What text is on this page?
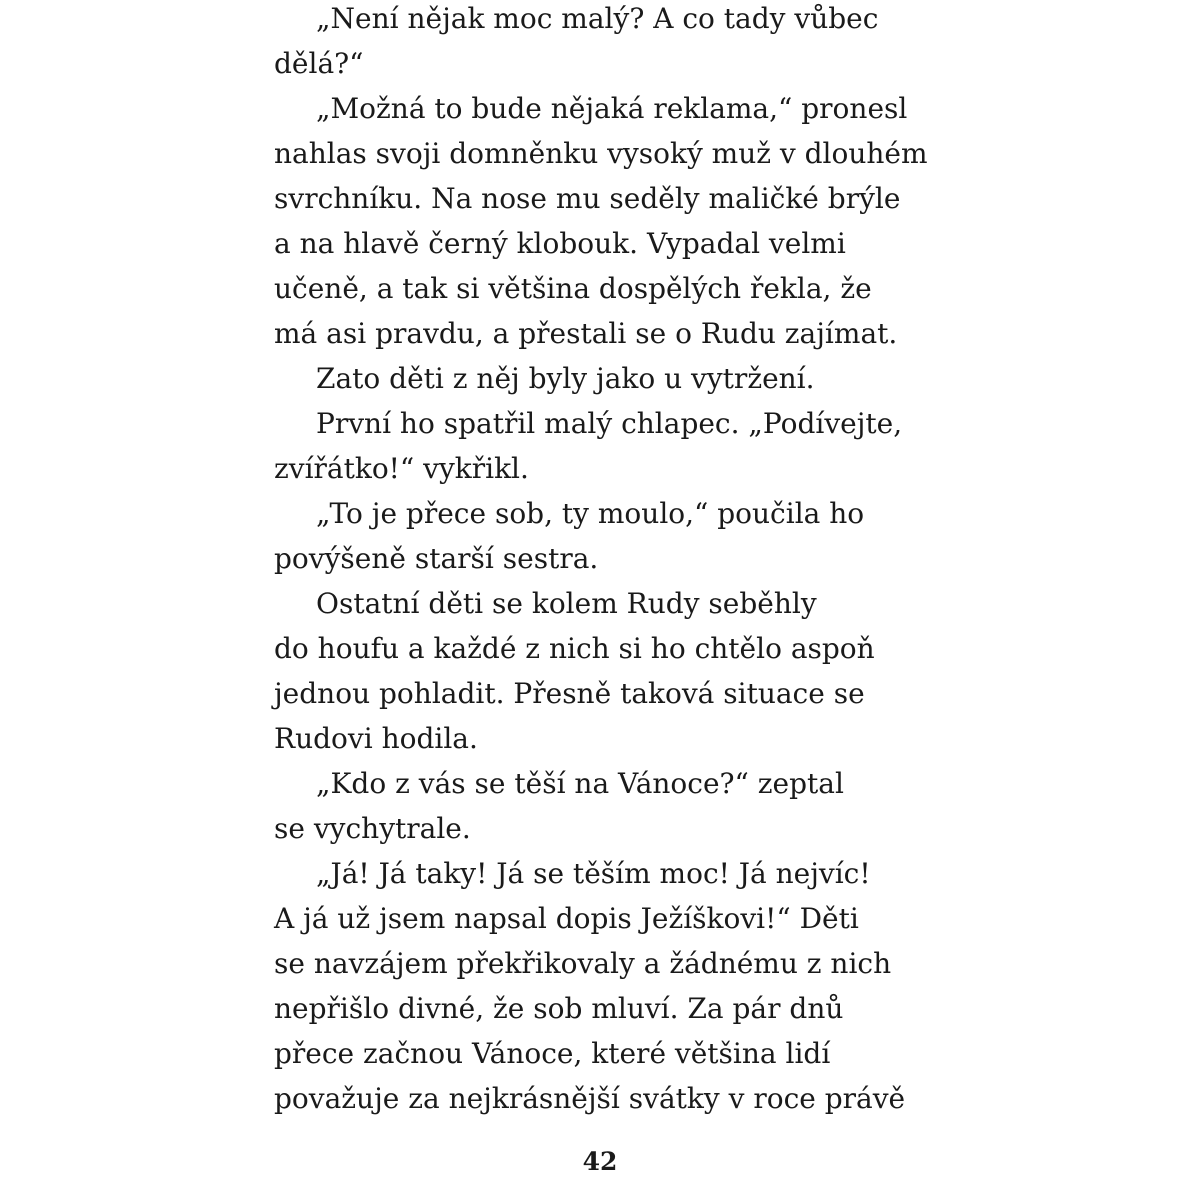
„Není nějak moc malý? A co tady vůbec
dělá?“
„Možná to bude nějaká reklama,“ pronesl
nahlas svoji domněnku vysoký muž v dlouhém
svrchníku. Na nose mu seděly maličké brýle
a na hlavě černý klobouk. Vypadal velmi
učeně, a tak si většina dospělých řekla, že
má asi pravdu, a přestali se o Rudu zajímat.
Zato děti z něj byly jako u vytržení.
První ho spatřil malý chlapec. „Podívejte,
zvířátko!“ vykřikl.
„To je přece sob, ty moulo,“ poučila ho
povýšeně starší sestra.
Ostatní děti se kolem Rudy seběhly
do houfu a každé z nich si ho chtělo aspoň
jednou pohladit. Přesně taková situace se
Rudovi hodila.
„Kdo z vás se těší na Vánoce?“ zeptal
se vychytrale.
„Já! Já taky! Já se těším moc! Já nejvíc!
A já už jsem napsal dopis Ježíškovi!“ Děti
se navzájem překřikovaly a žádnému z nich
nepřišlo divné, že sob mluví. Za pár dnů
přece začnou Vánoce, které většina lidí
považuje za nejkrásnější svátky v roce právě
42
